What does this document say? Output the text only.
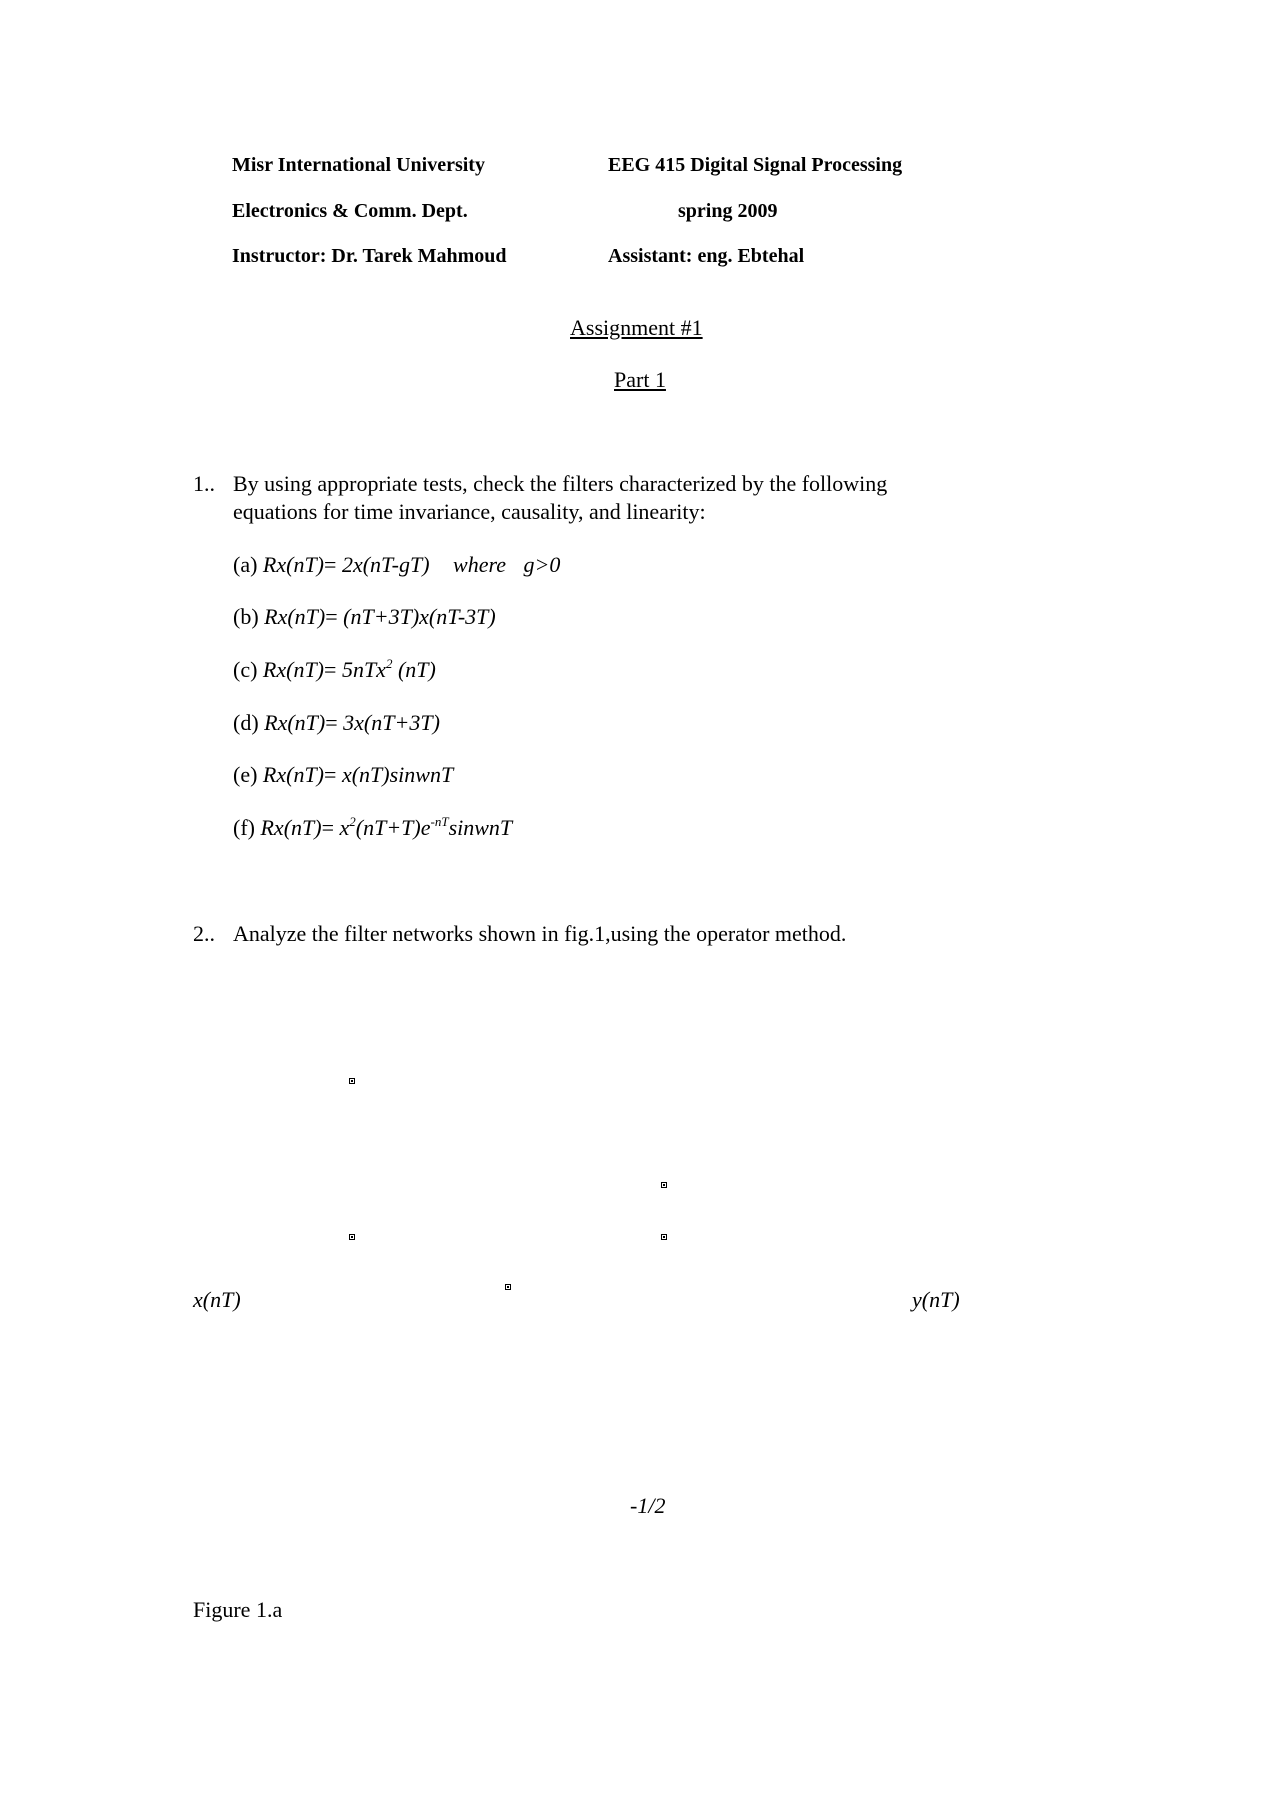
Misr International University	EEG 415 Digital Signal Processing
Electronics & Comm. Dept.	spring 2009
Instructor: Dr. Tarek Mahmoud	Assistant: eng. Ebtehal
Assignment #1
Part 1
1.. By using appropriate tests, check the filters characterized by the following
equations for time invariance, causality, and linearity:
(a) Rx(nT)= 2x(nT-gT) where g>0
(b) Rx(nT)= (nT+3T)x(nT-3T)
(c) Rx(nT)= 5nTx$^2$ (nT)
(d) Rx(nT)= 3x(nT+3T)
(e) Rx(nT)= x(nT)sinwnT
(f) $Rx(nT)= x^2(nT+T)e^{-nT}sinwnT$
2.. Analyze the filter networks shown in fig.1,using the operator method.
x(nT)	y(nT)
-1/2
Figure 1.a
